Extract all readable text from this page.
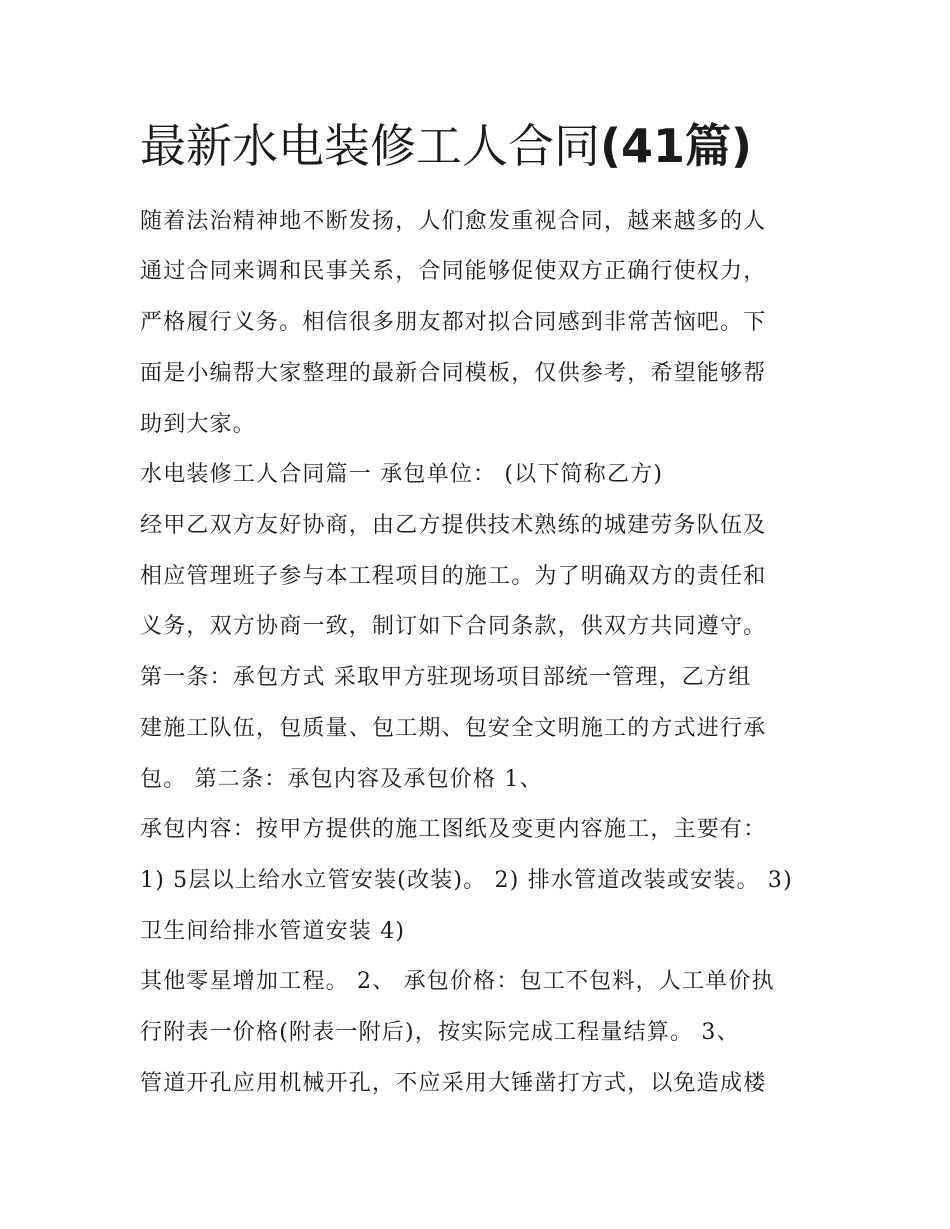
最新水电装修工人合同(41篇)

随着法治精神地不断发扬，人们愈发重视合同，越来越多的人

通过合同来调和民事关系，合同能够促使双方正确行使权力，

严格履行义务。相信很多朋友都对拟合同感到非常苦恼吧。下

面是小编帮大家整理的最新合同模板，仅供参考，希望能够帮

助到大家。

水电装修工人合同篇一 承包单位： (以下简称乙方)

经甲乙双方友好协商，由乙方提供技术熟练的城建劳务队伍及

相应管理班子参与本工程项目的施工。为了明确双方的责任和

义务，双方协商一致，制订如下合同条款，供双方共同遵守。

第一条：承包方式 采取甲方驻现场项目部统一管理，乙方组

建施工队伍，包质量、包工期、包安全文明施工的方式进行承

包。 第二条：承包内容及承包价格 1、

承包内容：按甲方提供的施工图纸及变更内容施工，主要有：

1) 5层以上给水立管安装(改装)。 2) 排水管道改装或安装。 3)

卫生间给排水管道安装 4)

其他零星增加工程。 2、 承包价格：包工不包料，人工单价执

行附表一价格(附表一附后)，按实际完成工程量结算。 3、

管道开孔应用机械开孔，不应采用大锤凿打方式，以免造成楼
